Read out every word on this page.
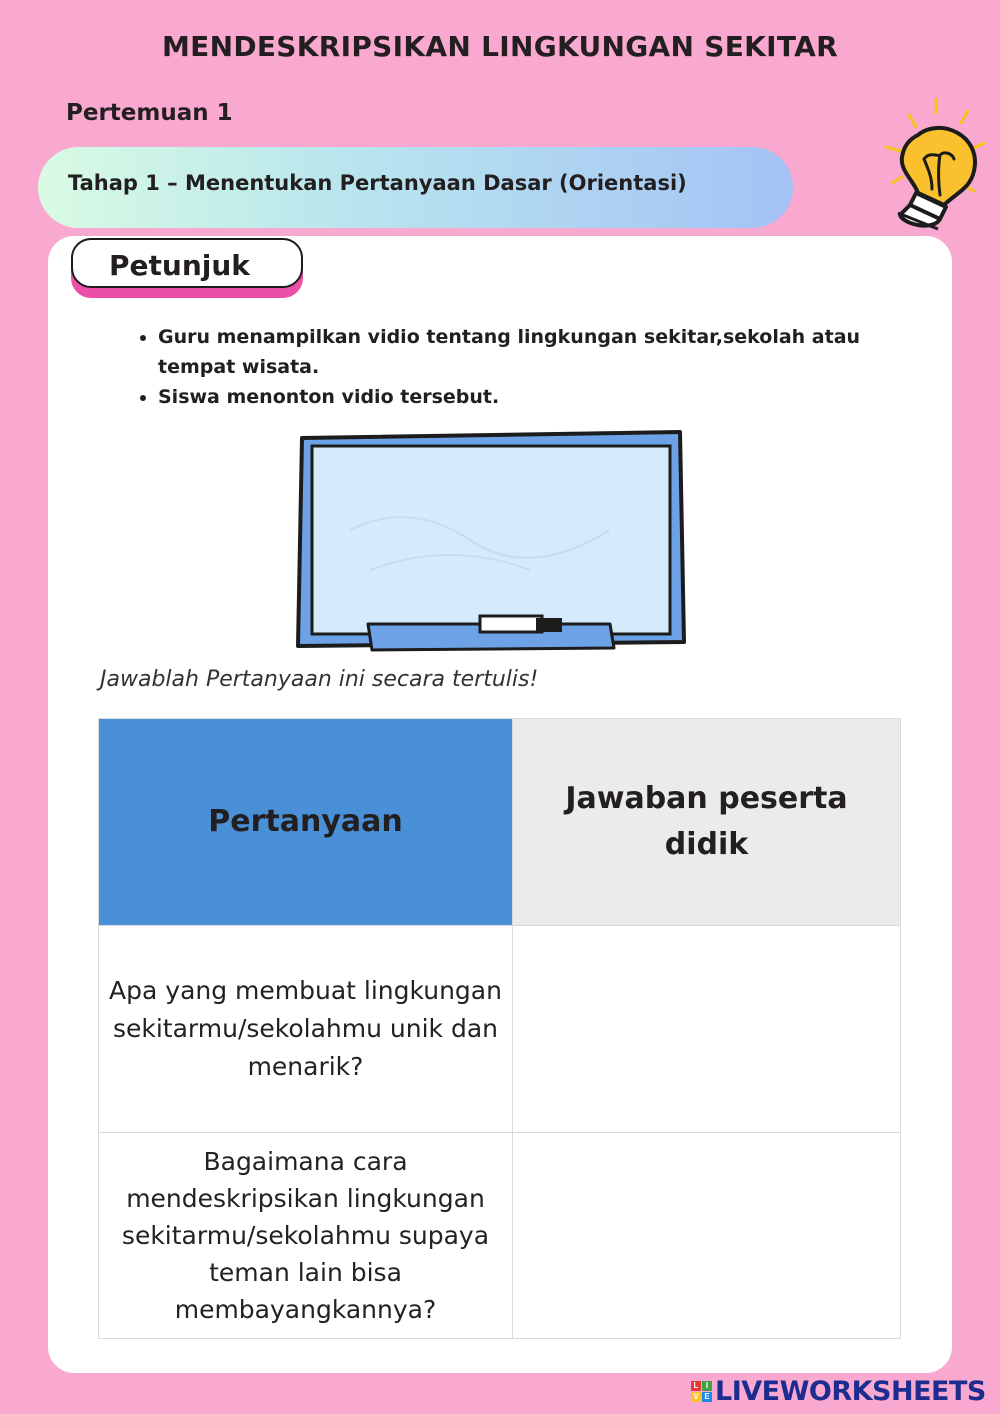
MENDESKRIPSIKAN LINGKUNGAN SEKITAR
Pertemuan 1
Tahap 1 – Menentukan Pertanyaan Dasar (Orientasi)
Petunjuk
• Guru menampilkan vidio tentang lingkungan sekitar,sekolah atau tempat wisata.
• Siswa menonton vidio tersebut.
Jawablah Pertanyaan ini secara tertulis!
Pertanyaan	Jawaban peserta didik
Apa yang membuat lingkungan sekitarmu/sekolahmu unik dan menarik?	
Bagaimana cara mendeskripsikan lingkungan sekitarmu/sekolahmu supaya teman lain bisa membayangkannya?	
L I
V E LIVEWORKSHEETS
